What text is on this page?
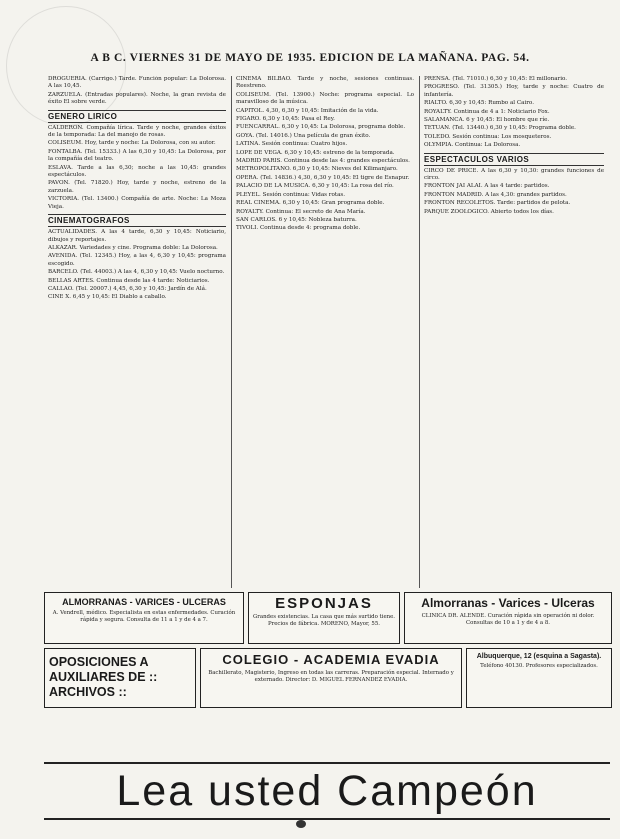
A B C. VIERNES 31 DE MAYO DE 1935. EDICION DE LA MAÑANA. PAG. 54.
DROGUERIA. (Carrigo.) Tarde. Función popular: La Dolorosa. A las 10,45.
ZARZUELA. (Entradas populares). Noche, la gran revista de éxito El sobre verde.
GENERO LIRICO
CALDERON. Compañía lírica. Tarde y noche, grandes éxitos de la temporada: La del manojo de rosas.
COLISEUM. Hoy, tarde y noche: La Dolorosa, con su autor.
FONTALBA. (Tel. 15333.) A las 6,30 y 10,45: La Dolorosa, por la compañía del teatro.
ESLAVA. Tarde a las 6,30; noche a las 10,45: grandes espectáculos.
PAVON. (Tel. 71820.) Hoy, tarde y noche, estreno de la zarzuela.
VICTORIA. (Tel. 13400.) Compañía de arte. Noche: La Moza Vieja.
CINEMATOGRAFOS
ACTUALIDADES. A las 4 tarde, 6,30 y 10,45: Noticiario, dibujos y reportajes.
ALKAZAR. Variedades y cine. Programa doble: La Dolorosa.
AVENIDA. (Tel. 12345.) Hoy, a las 4, 6,30 y 10,45: programa escogido.
BARCELO. (Tel. 44003.) A las 4, 6,30 y 10,45: Vuelo nocturno.
BELLAS ARTES. Continua desde las 4 tarde: Noticiarios.
CALLAO. (Tel. 20007.) 4,45, 6,30 y 10,45: Jardín de Alá.
CINE X. 6,45 y 10,45: El Diablo a caballo.
CINEMA BILBAO. Tarde y noche, sesiones continuas. Reestreno.
COLISEUM. (Tel. 13900.) Noche: programa especial. Lo maravilloso de la música.
CAPITOL. 4,30, 6,30 y 10,45: Imitación de la vida.
FIGARO. 6,30 y 10,45: Pasa el Rey.
FUENCARRAL. 6,30 y 10,45: La Dolorosa, programa doble.
GOYA. (Tel. 14016.) Una película de gran éxito.
LATINA. Sesión continua: Cuatro hijos.
LOPE DE VEGA. 6,30 y 10,45: estreno de la temporada.
MADRID PARIS. Continua desde las 4: grandes espectáculos.
METROPOLITANO. 6,30 y 10,45: Nieves del Kilimanjaro.
OPERA. (Tel. 14836.) 4,30, 6,30 y 10,45: El tigre de Esnapur.
PALACIO DE LA MUSICA. 6,30 y 10,45: La rosa del río.
PLEYEL. Sesión continua: Vidas rotas.
REAL CINEMA. 6,30 y 10,45: Gran programa doble.
ROYALTY. Continua: El secreto de Ana María.
SAN CARLOS. 6 y 10,45: Nobleza baturra.
TIVOLI. Continua desde 4: programa doble.
PRENSA. (Tel. 71010.) 6,30 y 10,45: El millonario.
PROGRESO. (Tel. 31305.) Hoy, tarde y noche: Cuatro de infantería.
RIALTO. 6,30 y 10,45: Rumbo al Cairo.
ROYALTY. Continua de 4 a 1: Noticiario Fox.
SALAMANCA. 6 y 10,45: El hombre que ríe.
TETUAN. (Tel. 13440.) 6,30 y 10,45: Programa doble.
TOLEDO. Sesión continua: Los mosqueteros.
OLYMPIA. Continua: La Dolorosa.
ESPECTACULOS VARIOS
CIRCO DE PRICE. A las 6,30 y 10,30: grandes funciones de circo.
FRONTON JAI ALAI. A las 4 tarde: partidos.
FRONTON MADRID. A las 4,30: grandes partidos.
FRONTON RECOLETOS. Tarde: partidos de pelota.
PARQUE ZOOLOGICO. Abierto todos los días.
ALMORRANAS - VARICES - ULCERAS
A. Vendrell, médico. Especialista en estas enfermedades. Curación rápida y segura. Consulta de 11 a 1 y de 4 a 7.
ESPONJAS
Grandes existencias. La casa que más surtido tiene. Precios de fábrica. MORENO, Mayor, 55.
Almorranas - Varices - Ulceras
CLINICA DR. ALENDE. Curación rápida sin operación ni dolor. Consultas de 10 a 1 y de 4 a 8.
OPOSICIONES A AUXILIARES DE :: ARCHIVOS ::
COLEGIO - ACADEMIA EVADIA
Bachillerato, Magisterio, Ingreso en todas las carreras. Preparación especial. Internado y externado. Director: D. MIGUEL FERNANDEZ EVADIA.
Albuquerque, 12 (esquina a Sagasta).
Teléfono 40130. Profesores especializados.
Lea usted Campeón
